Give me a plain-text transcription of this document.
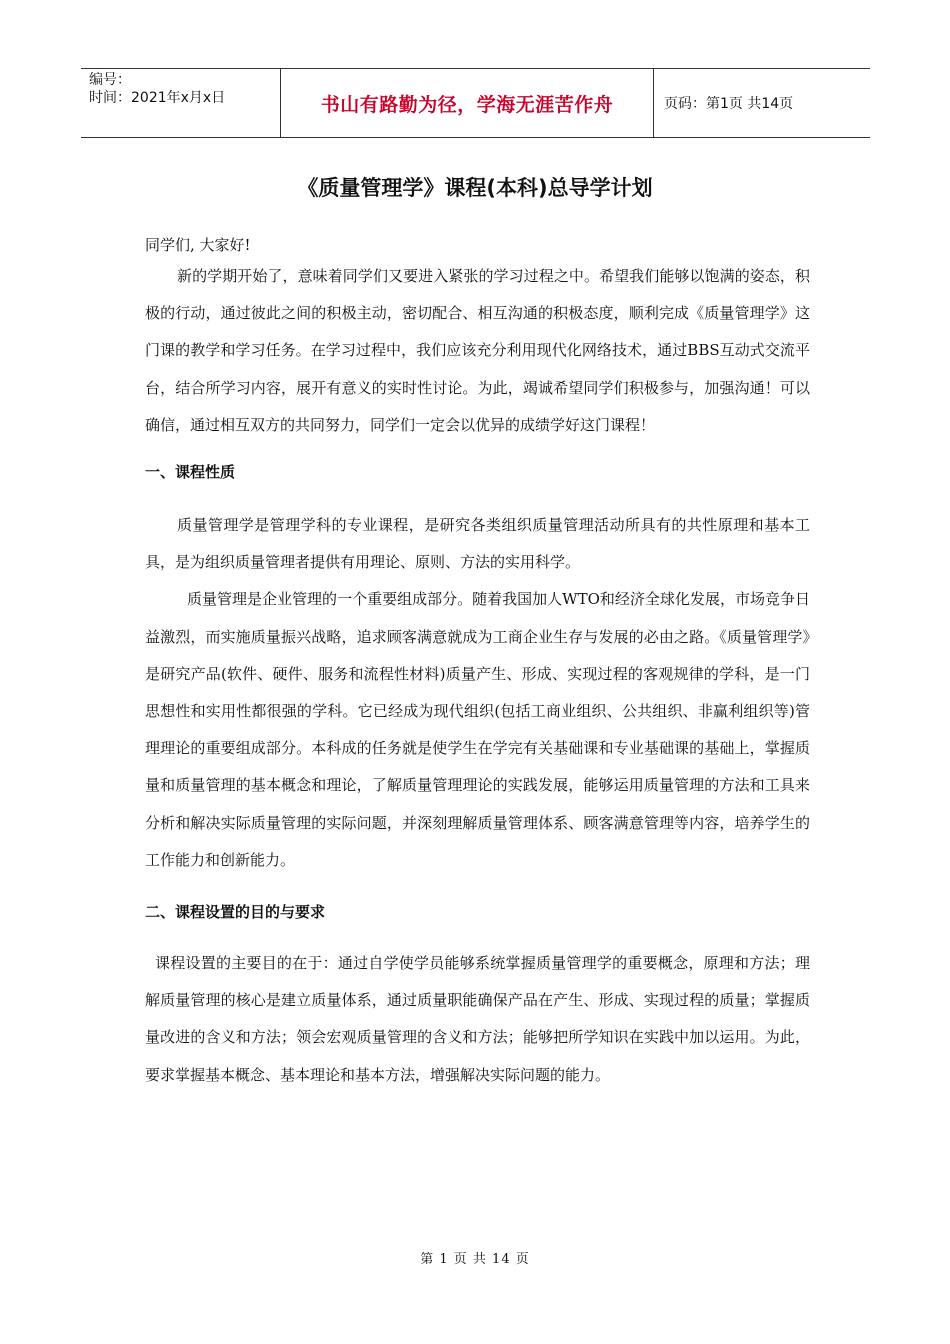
编号：
时间：2021年x月x日	书山有路勤为径，学海无涯苦作舟	页码：第1页 共14页
《质量管理学》课程(本科)总导学计划

同学们, 大家好!

新的学期开始了，意味着同学们又要进入紧张的学习过程之中。希望我们能够以饱满的姿态，积极的行动，通过彼此之间的积极主动，密切配合、相互沟通的积极态度，顺利完成《质量管理学》这门课的教学和学习任务。在学习过程中，我们应该充分利用现代化网络技术，通过BBS互动式交流平台，结合所学习内容，展开有意义的实时性讨论。为此，竭诚希望同学们积极参与，加强沟通！可以确信，通过相互双方的共同努力，同学们一定会以优异的成绩学好这门课程！

一、课程性质

质量管理学是管理学科的专业课程，是研究各类组织质量管理活动所具有的共性原理和基本工具，是为组织质量管理者提供有用理论、原则、方法的实用科学。

质量管理是企业管理的一个重要组成部分。随着我国加人WTO和经济全球化发展，市场竞争日益激烈，而实施质量振兴战略，追求顾客满意就成为工商企业生存与发展的必由之路。《质量管理学》是研究产品(软件、硬件、服务和流程性材料)质量产生、形成、实现过程的客观规律的学科，是一门思想性和实用性都很强的学科。它已经成为现代组织(包括工商业组织、公共组织、非赢利组织等)管理理论的重要组成部分。本科成的任务就是使学生在学完有关基础课和专业基础课的基础上，掌握质量和质量管理的基本概念和理论，了解质量管理理论的实践发展，能够运用质量管理的方法和工具来分析和解决实际质量管理的实际问题，并深刻理解质量管理体系、顾客满意管理等内容，培养学生的工作能力和创新能力。

二、课程设置的目的与要求

课程设置的主要目的在于：通过自学使学员能够系统掌握质量管理学的重要概念，原理和方法；理解质量管理的核心是建立质量体系，通过质量职能确保产品在产生、形成、实现过程的质量；掌握质量改进的含义和方法；领会宏观质量管理的含义和方法；能够把所学知识在实践中加以运用。为此，要求掌握基本概念、基本理论和基本方法，增强解决实际问题的能力。

第 1 页 共 14 页
